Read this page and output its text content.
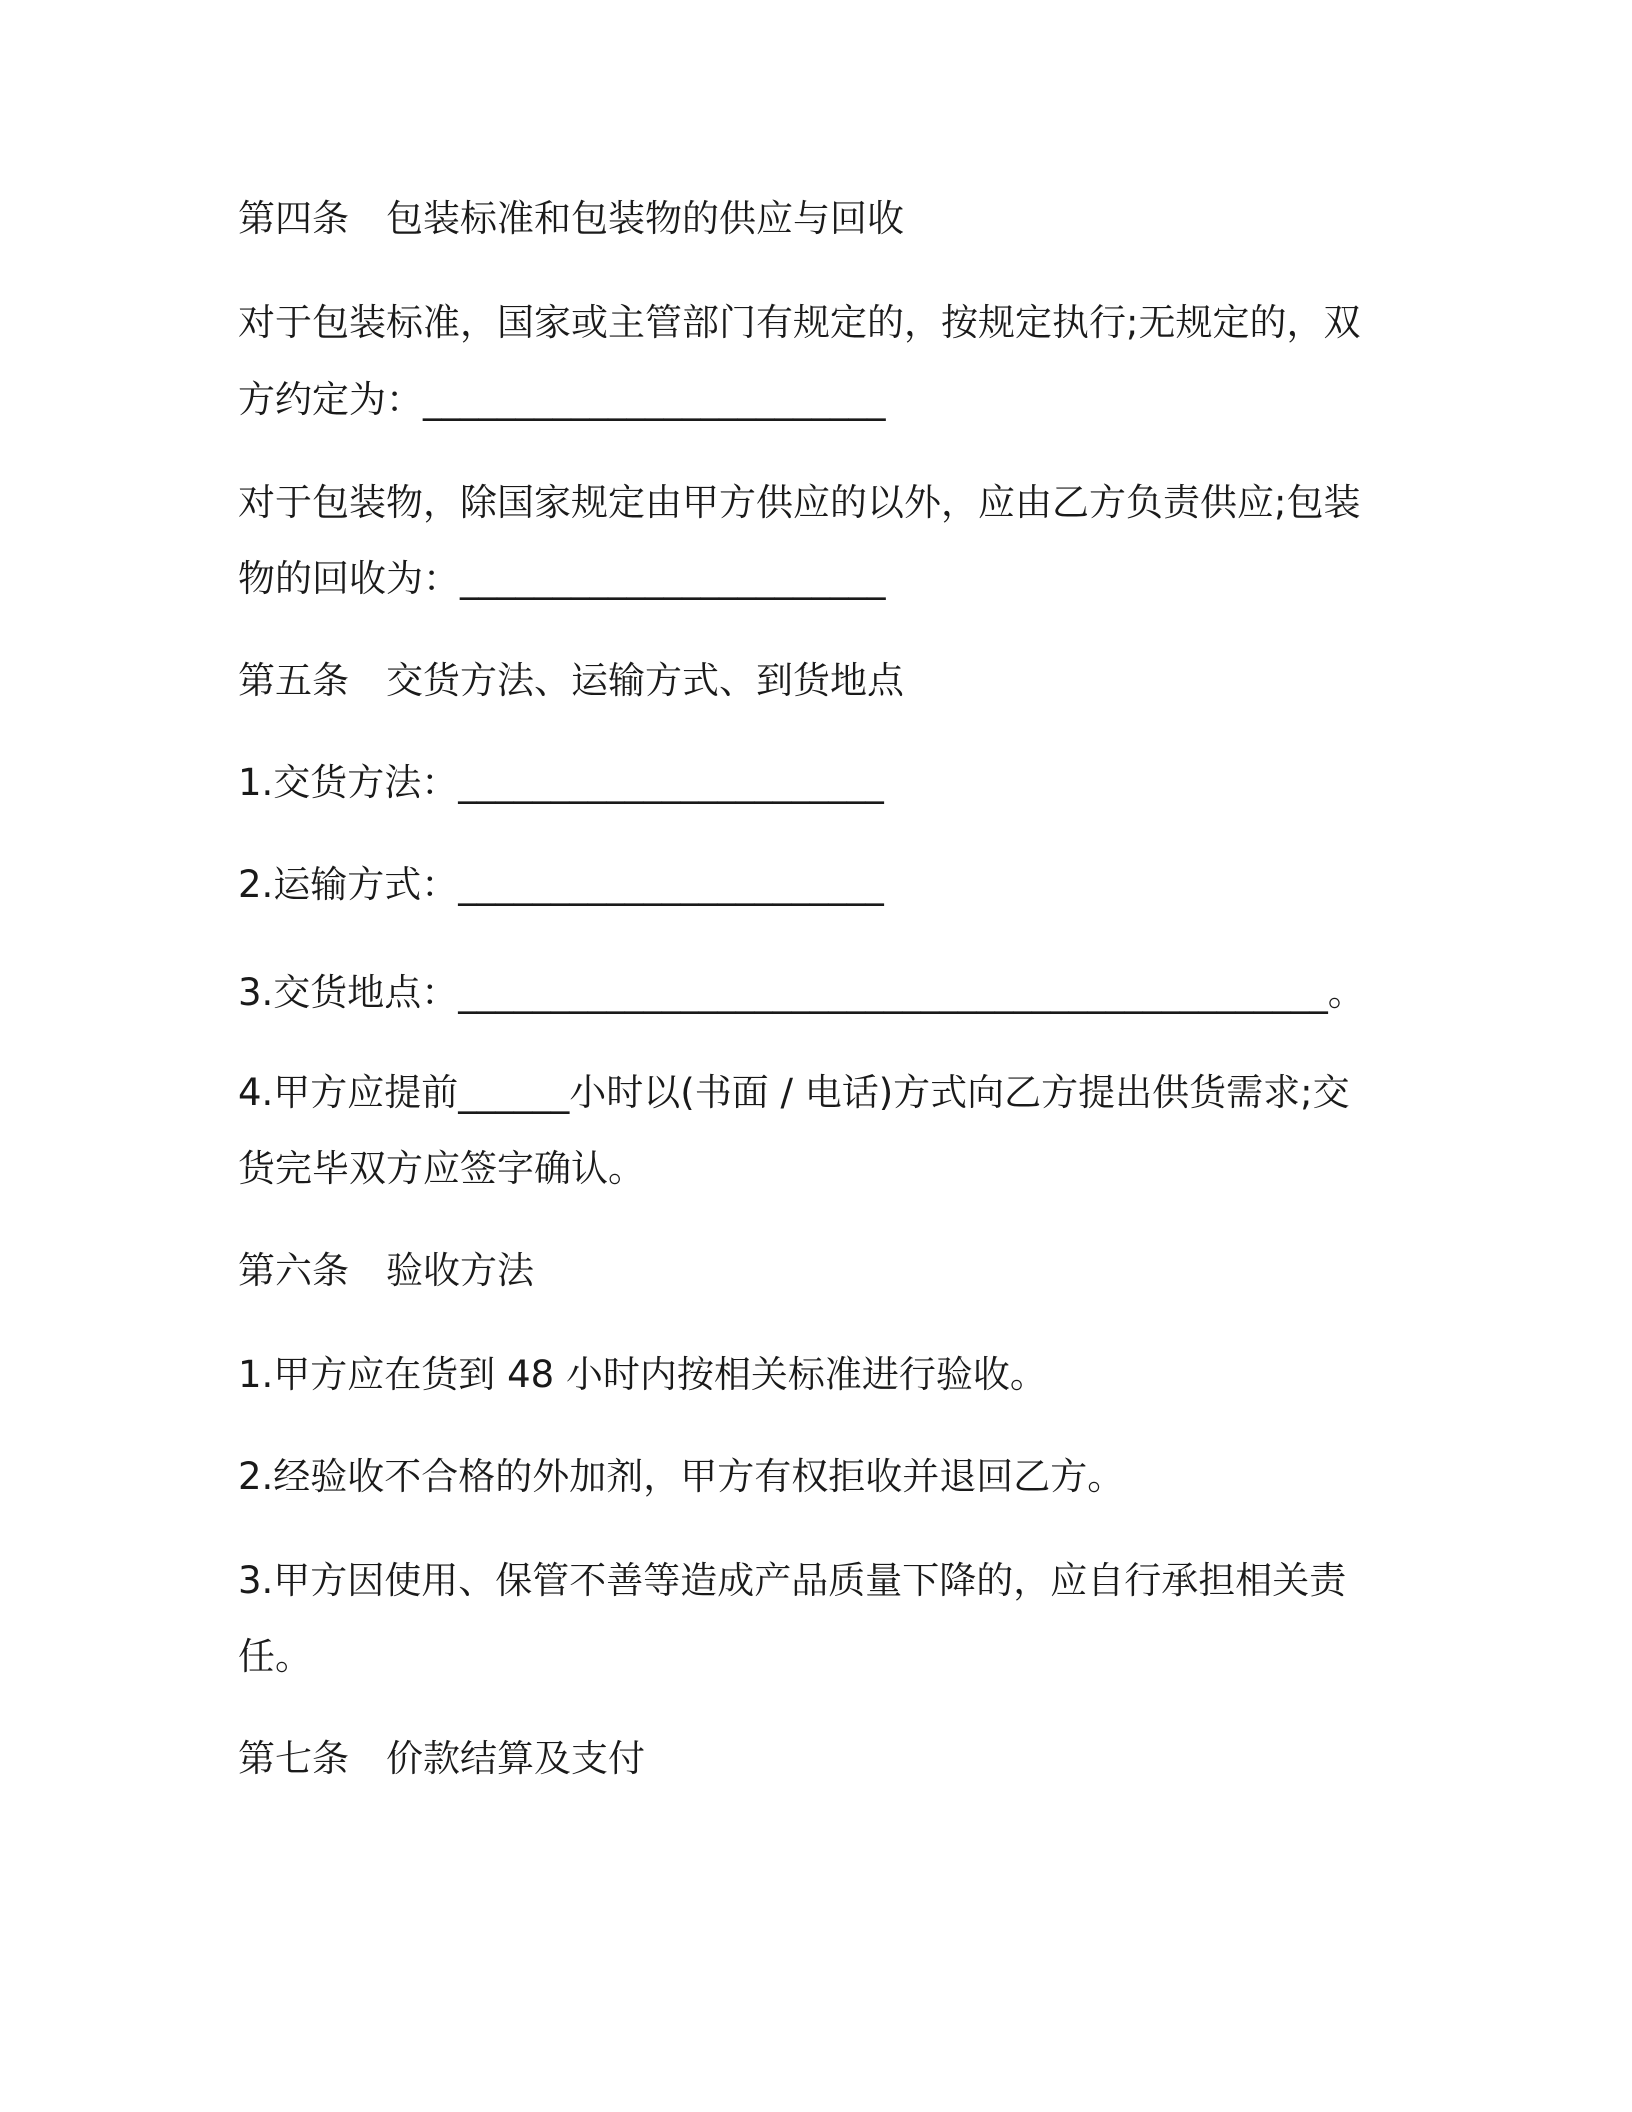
第四条　包装标准和包装物的供应与回收
对于包装标准，国家或主管部门有规定的，按规定执行;无规定的，双
方约定为：_________________________
对于包装物，除国家规定由甲方供应的以外，应由乙方负责供应;包装
物的回收为：_______________________
第五条　交货方法、运输方式、到货地点
1.交货方法：_______________________
2.运输方式：_______________________
3.交货地点：_______________________________________________。
4.甲方应提前______小时以(书面 / 电话)方式向乙方提出供货需求;交
货完毕双方应签字确认。
第六条　验收方法
1.甲方应在货到 48 小时内按相关标准进行验收。
2.经验收不合格的外加剂，甲方有权拒收并退回乙方。
3.甲方因使用、保管不善等造成产品质量下降的，应自行承担相关责
任。
第七条　价款结算及支付
